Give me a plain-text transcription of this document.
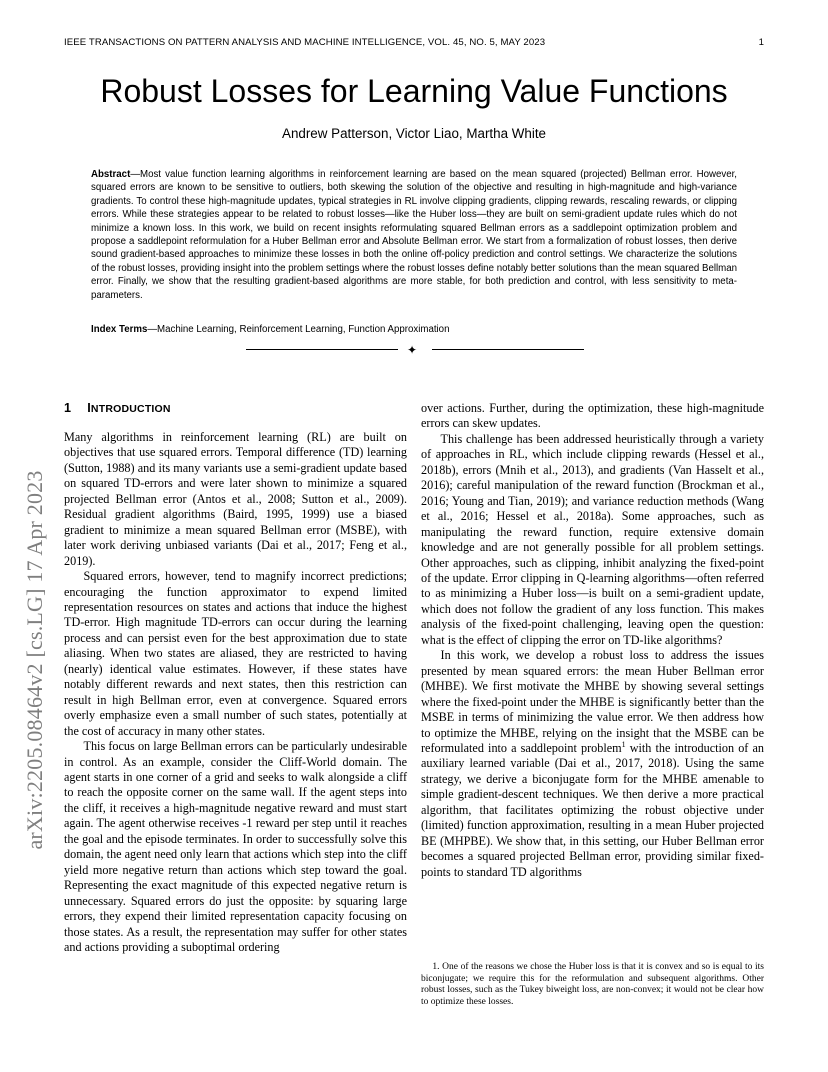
IEEE TRANSACTIONS ON PATTERN ANALYSIS AND MACHINE INTELLIGENCE, VOL. 45, NO. 5, MAY 2023	1
Robust Losses for Learning Value Functions
Andrew Patterson, Victor Liao, Martha White
Abstract—Most value function learning algorithms in reinforcement learning are based on the mean squared (projected) Bellman error. However, squared errors are known to be sensitive to outliers, both skewing the solution of the objective and resulting in high-magnitude and high-variance gradients. To control these high-magnitude updates, typical strategies in RL involve clipping gradients, clipping rewards, rescaling rewards, or clipping errors. While these strategies appear to be related to robust losses—like the Huber loss—they are built on semi-gradient update rules which do not minimize a known loss. In this work, we build on recent insights reformulating squared Bellman errors as a saddlepoint optimization problem and propose a saddlepoint reformulation for a Huber Bellman error and Absolute Bellman error. We start from a formalization of robust losses, then derive sound gradient-based approaches to minimize these losses in both the online off-policy prediction and control settings. We characterize the solutions of the robust losses, providing insight into the problem settings where the robust losses define notably better solutions than the mean squared Bellman error. Finally, we show that the resulting gradient-based algorithms are more stable, for both prediction and control, with less sensitivity to meta-parameters.
Index Terms—Machine Learning, Reinforcement Learning, Function Approximation
✦
arXiv:2205.08464v2 [cs.LG] 17 Apr 2023
1 INTRODUCTION

Many algorithms in reinforcement learning (RL) are built on objectives that use squared errors. Temporal difference (TD) learning (Sutton, 1988) and its many variants use a semi-gradient update based on squared TD-errors and were later shown to minimize a squared projected Bellman error (Antos et al., 2008; Sutton et al., 2009). Residual gradient algorithms (Baird, 1995, 1999) use a biased gradient to minimize a mean squared Bellman error (MSBE), with later work deriving unbiased variants (Dai et al., 2017; Feng et al., 2019).

Squared errors, however, tend to magnify incorrect predictions; encouraging the function approximator to expend limited representation resources on states and actions that induce the highest TD-error. High magnitude TD-errors can occur during the learning process and can persist even for the best approximation due to state aliasing. When two states are aliased, they are restricted to having (nearly) identical value estimates. However, if these states have notably different rewards and next states, then this restriction can result in high Bellman error, even at convergence. Squared errors overly emphasize even a small number of such states, potentially at the cost of accuracy in many other states.

This focus on large Bellman errors can be particularly undesirable in control. As an example, consider the Cliff-World domain. The agent starts in one corner of a grid and seeks to walk alongside a cliff to reach the opposite corner on the same wall. If the agent steps into the cliff, it receives a high-magnitude negative reward and must start again. The agent otherwise receives -1 reward per step until it reaches the goal and the episode terminates. In order to successfully solve this domain, the agent need only learn that actions which step into the cliff yield more negative return than actions which step toward the goal. Representing the exact magnitude of this expected negative return is unnecessary. Squared errors do just the opposite: by squaring large errors, they expend their limited representation capacity focusing on those states. As a result, the representation may suffer for other states and actions providing a suboptimal ordering

over actions. Further, during the optimization, these high-magnitude errors can skew updates.

This challenge has been addressed heuristically through a variety of approaches in RL, which include clipping rewards (Hessel et al., 2018b), errors (Mnih et al., 2013), and gradients (Van Hasselt et al., 2016); careful manipulation of the reward function (Brockman et al., 2016; Young and Tian, 2019); and variance reduction methods (Wang et al., 2016; Hessel et al., 2018a). Some approaches, such as manipulating the reward function, require extensive domain knowledge and are not generally possible for all problem settings. Other approaches, such as clipping, inhibit analyzing the fixed-point of the update. Error clipping in Q-learning algorithms—often referred to as minimizing a Huber loss—is built on a semi-gradient update, which does not follow the gradient of any loss function. This makes analysis of the fixed-point challenging, leaving open the question: what is the effect of clipping the error on TD-like algorithms?

In this work, we develop a robust loss to address the issues presented by mean squared errors: the mean Huber Bellman error (MHBE). We first motivate the MHBE by showing several settings where the fixed-point under the MHBE is significantly better than the MSBE in terms of minimizing the value error. We then address how to optimize the MHBE, relying on the insight that the MSBE can be reformulated into a saddlepoint problem$^1$ with the introduction of an auxiliary learned variable (Dai et al., 2017, 2018). Using the same strategy, we derive a biconjugate form for the MHBE amenable to simple gradient-descent techniques. We then derive a more practical algorithm, that facilitates optimizing the robust objective under (limited) function approximation, resulting in a mean Huber projected BE (MHPBE). We show that, in this setting, our Huber Bellman error becomes a squared projected Bellman error, providing similar fixed-points to standard TD algorithms

1. One of the reasons we chose the Huber loss is that it is convex and so is equal to its biconjugate; we require this for the reformulation and subsequent algorithms. Other robust losses, such as the Tukey biweight loss, are non-convex; it would not be clear how to optimize these losses.
